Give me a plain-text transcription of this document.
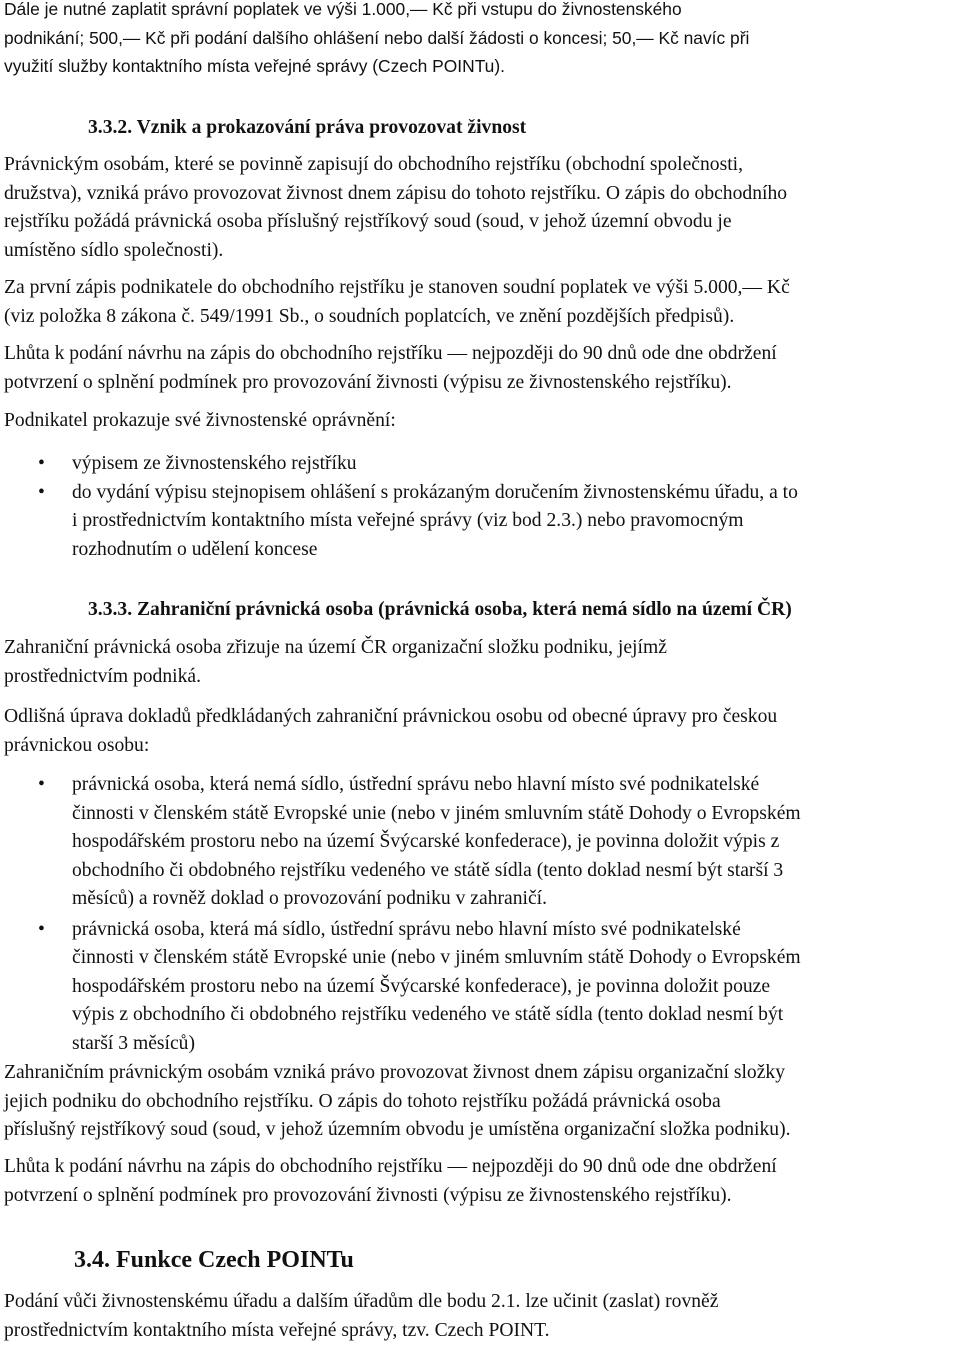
Dále je nutné zaplatit správní poplatek ve výši 1.000,— Kč při vstupu do živnostenského
podnikání; 500,— Kč při podání dalšího ohlášení nebo další žádosti o koncesi; 50,— Kč navíc při
využití služby kontaktního místa veřejné správy (Czech POINTu).
3.3.2. Vznik a prokazování práva provozovat živnost
Právnickým osobám, které se povinně zapisují do obchodního rejstříku (obchodní společnosti,
družstva), vzniká právo provozovat živnost dnem zápisu do tohoto rejstříku. O zápis do obchodního
rejstříku požádá právnická osoba příslušný rejstříkový soud (soud, v jehož územní obvodu je
umístěno sídlo společnosti).
Za první zápis podnikatele do obchodního rejstříku je stanoven soudní poplatek ve výši 5.000,— Kč
(viz položka 8 zákona č. 549/1991 Sb., o soudních poplatcích, ve znění pozdějších předpisů).
Lhůta k podání návrhu na zápis do obchodního rejstříku — nejpozději do 90 dnů ode dne obdržení
potvrzení o splnění podmínek pro provozování živnosti (výpisu ze živnostenského rejstříku).
Podnikatel prokazuje své živnostenské oprávnění:
• výpisem ze živnostenského rejstříku
• do vydání výpisu stejnopisem ohlášení s prokázaným doručením živnostenskému úřadu, a to
i prostřednictvím kontaktního místa veřejné správy (viz bod 2.3.) nebo pravomocným
rozhodnutím o udělení koncese
3.3.3. Zahraniční právnická osoba (právnická osoba, která nemá sídlo na území ČR)
Zahraniční právnická osoba zřizuje na území ČR organizační složku podniku, jejímž
prostřednictvím podniká.
Odlišná úprava dokladů předkládaných zahraniční právnickou osobu od obecné úpravy pro českou
právnickou osobu:
• právnická osoba, která nemá sídlo, ústřední správu nebo hlavní místo své podnikatelské
činnosti v členském státě Evropské unie (nebo v jiném smluvním státě Dohody o Evropském
hospodářském prostoru nebo na území Švýcarské konfederace), je povinna doložit výpis z
obchodního či obdobného rejstříku vedeného ve státě sídla (tento doklad nesmí být starší 3
měsíců) a rovněž doklad o provozování podniku v zahraničí.
• právnická osoba, která má sídlo, ústřední správu nebo hlavní místo své podnikatelské
činnosti v členském státě Evropské unie (nebo v jiném smluvním státě Dohody o Evropském
hospodářském prostoru nebo na území Švýcarské konfederace), je povinna doložit pouze
výpis z obchodního či obdobného rejstříku vedeného ve státě sídla (tento doklad nesmí být
starší 3 měsíců)
Zahraničním právnickým osobám vzniká právo provozovat živnost dnem zápisu organizační složky
jejich podniku do obchodního rejstříku. O zápis do tohoto rejstříku požádá právnická osoba
příslušný rejstříkový soud (soud, v jehož územním obvodu je umístěna organizační složka podniku).
Lhůta k podání návrhu na zápis do obchodního rejstříku — nejpozději do 90 dnů ode dne obdržení
potvrzení o splnění podmínek pro provozování živnosti (výpisu ze živnostenského rejstříku).
3.4. Funkce Czech POINTu
Podání vůči živnostenskému úřadu a dalším úřadům dle bodu 2.1. lze učinit (zaslat) rovněž
prostřednictvím kontaktního místa veřejné správy, tzv. Czech POINT.
